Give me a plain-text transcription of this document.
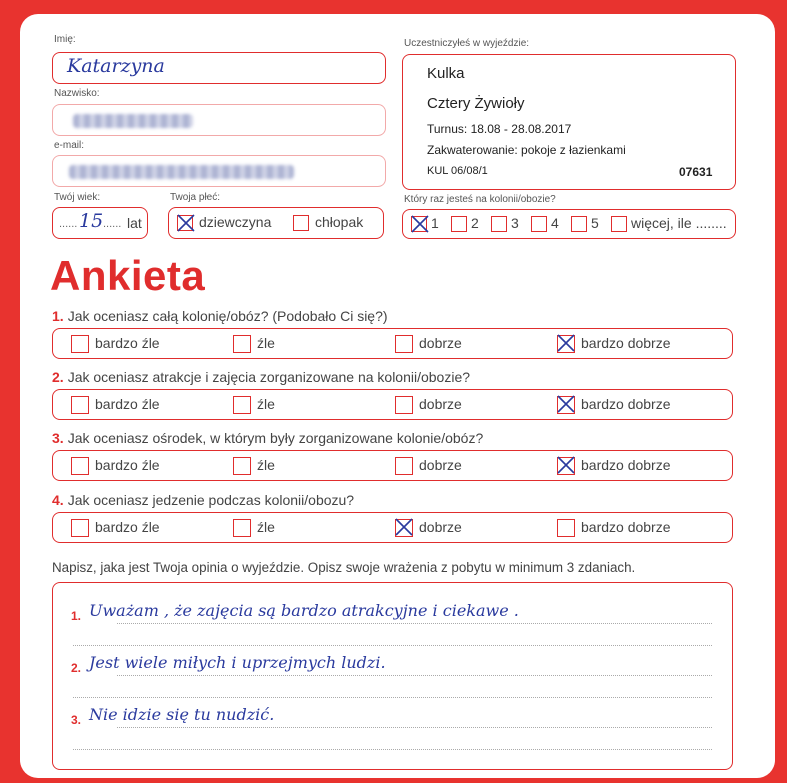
Imię:
Katarzyna
Nazwisko:
e-mail:
Twój wiek:
...... 15 ...... lat
Twoja płeć:
dziewczyna	chłopak
Uczestniczyłeś w wyjeździe:
Kulka
Cztery Żywioły
Turnus: 18.08 - 28.08.2017
Zakwaterowanie: pokoje z łazienkami
KUL 06/08/1	07631
Który raz jesteś na kolonii/obozie?
1	2	3	4	5	więcej, ile ........
Ankieta
1. Jak oceniasz całą kolonię/obóz? (Podobało Ci się?)
bardzo źle	źle	dobrze	bardzo dobrze
2. Jak oceniasz atrakcje i zajęcia zorganizowane na kolonii/obozie?
bardzo źle	źle	dobrze	bardzo dobrze
3. Jak oceniasz ośrodek, w którym były zorganizowane kolonie/obóz?
bardzo źle	źle	dobrze	bardzo dobrze
4. Jak oceniasz jedzenie podczas kolonii/obozu?
bardzo źle	źle	dobrze	bardzo dobrze
Napisz, jaka jest Twoja opinia o wyjeździe. Opisz swoje wrażenia z pobytu w minimum 3 zdaniach.
1. Uważam , że zajęcia są bardzo atrakcyjne i ciekawe .
2. Jest wiele miłych i uprzejmych ludzi.
3. Nie idzie się tu nudzić.
